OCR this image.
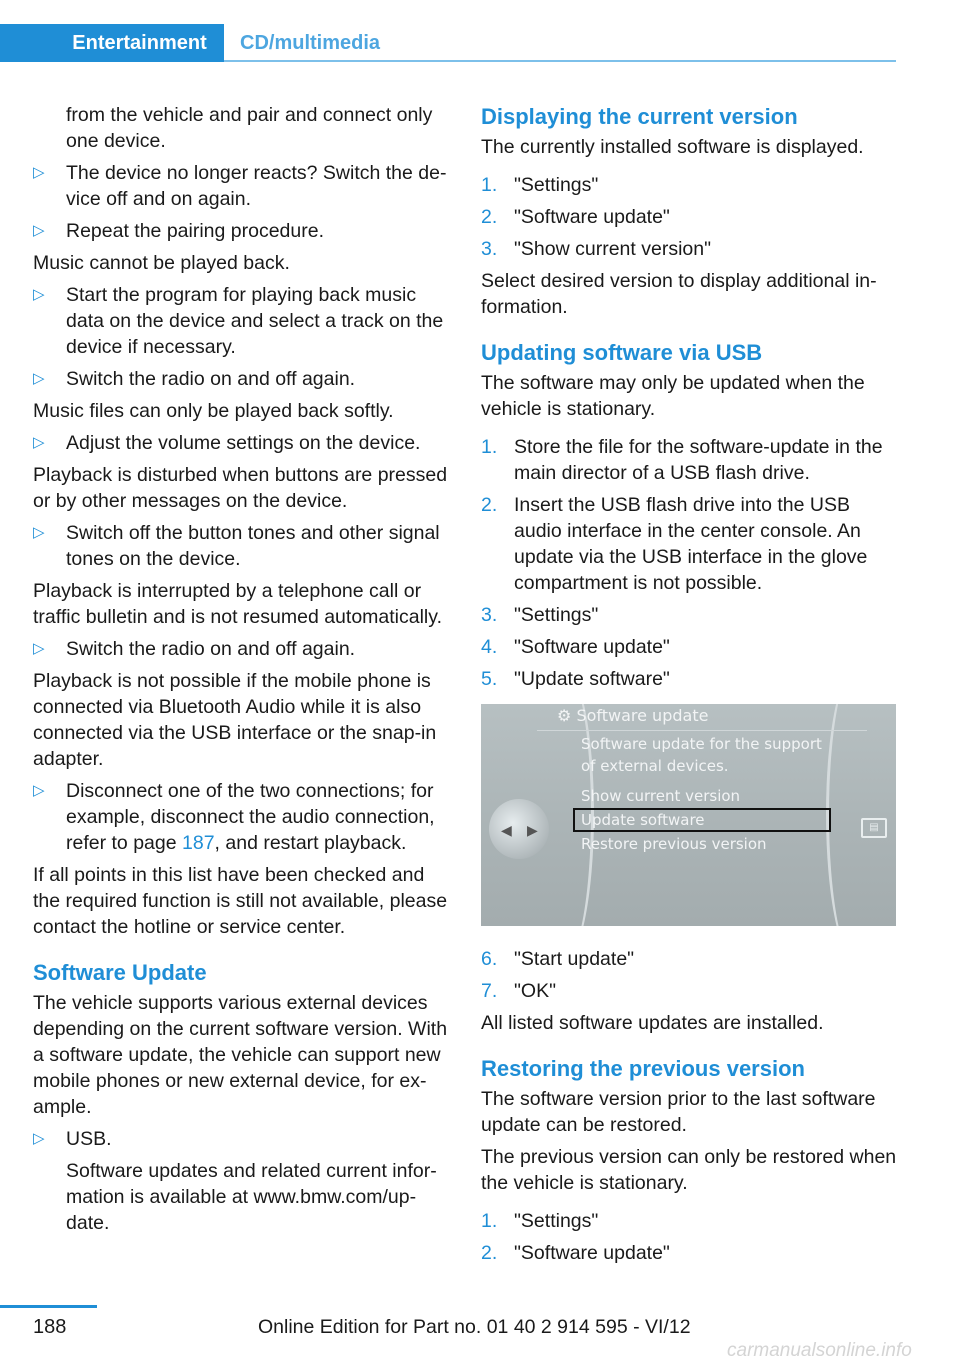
Entertainment	CD/multimedia

from the vehicle and pair and connect only one device.

▷ The device no longer reacts? Switch the device off and on again.
▷ Repeat the pairing procedure.

Music cannot be played back.

▷ Start the program for playing back music data on the device and select a track on the device if necessary.
▷ Switch the radio on and off again.

Music files can only be played back softly.

▷ Adjust the volume settings on the device.

Playback is disturbed when buttons are pressed or by other messages on the device.

▷ Switch off the button tones and other signal tones on the device.

Playback is interrupted by a telephone call or traffic bulletin and is not resumed automatically.

▷ Switch the radio on and off again.

Playback is not possible if the mobile phone is connected via Bluetooth Audio while it is also connected via the USB interface or the snap-in adapter.

▷ Disconnect one of the two connections; for example, disconnect the audio connection, refer to page 187, and restart playback.

If all points in this list have been checked and the required function is still not available, please contact the hotline or service center.

Software Update

The vehicle supports various external devices depending on the current software version. With a software update, the vehicle can support new mobile phones or new external device, for example.

▷ USB.

Software updates and related current information is available at www.bmw.com/update.

Displaying the current version

The currently installed software is displayed.

1. "Settings"
2. "Software update"
3. "Show current version"

Select desired version to display additional information.

Updating software via USB

The software may only be updated when the vehicle is stationary.

1. Store the file for the software-update in the main director of a USB flash drive.
2. Insert the USB flash drive into the USB audio interface in the center console. An update via the USB interface in the glove compartment is not possible.
3. "Settings"
4. "Software update"
5. "Update software"
◀ ▶
⚙ Software update
Software update for the support
of external devices.
Show current version
Update software
Restore previous version
▤
6. "Start update"
7. "OK"

All listed software updates are installed.

Restoring the previous version

The software version prior to the last software update can be restored.

The previous version can only be restored when the vehicle is stationary.

1. "Settings"
2. "Software update"
188	Online Edition for Part no. 01 40 2 914 595 - VI/12
carmanualsonline.info
